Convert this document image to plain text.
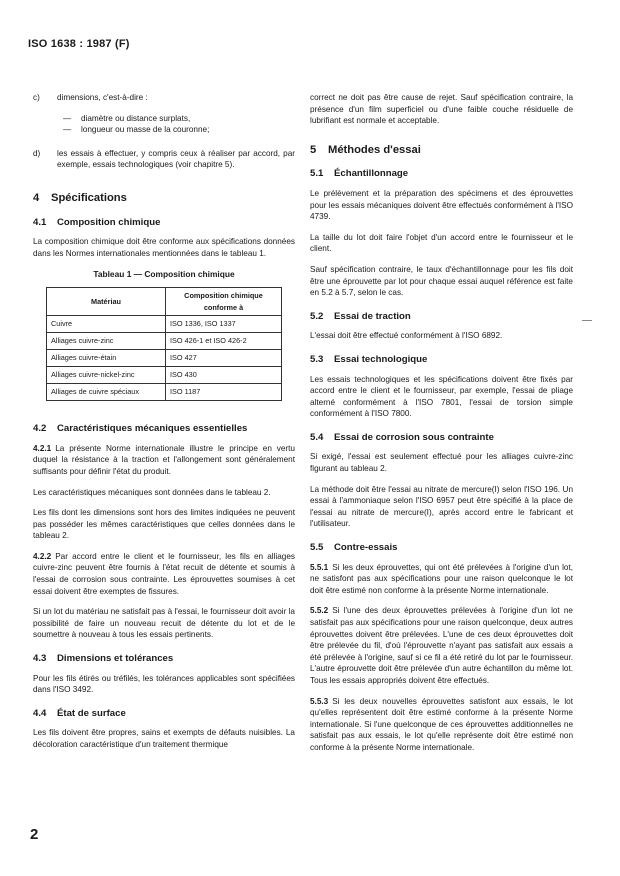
ISO 1638 : 1987 (F)
c)	dimensions, c'est-à-dire :
—	diamètre ou distance surplats,
—	longueur ou masse de la couronne;
d)	les essais à effectuer, y compris ceux à réaliser par accord, par exemple, essais technologiques (voir chapitre 5).
4	Spécifications
4.1	Composition chimique

La composition chimique doit être conforme aux spécifications données dans les Normes internationales mentionnées dans le tableau 1.

Tableau 1 — Composition chimique
Matériau	Composition chimique conforme à
Cuivre	ISO 1336, ISO 1337
Alliages cuivre-zinc	ISO 426-1 et ISO 426-2
Alliages cuivre-étain	ISO 427
Alliages cuivre-nickel-zinc	ISO 430
Alliages de cuivre spéciaux	ISO 1187
4.2	Caractéristiques mécaniques essentielles

4.2.1 La présente Norme internationale illustre le principe en vertu duquel la résistance à la traction et l'allongement sont généralement suffisants pour définir l'état du produit.

Les caractéristiques mécaniques sont données dans le tableau 2.

Les fils dont les dimensions sont hors des limites indiquées ne peuvent pas posséder les mêmes caractéristiques que celles données dans le tableau 2.

4.2.2 Par accord entre le client et le fournisseur, les fils en alliages cuivre-zinc peuvent être fournis à l'état recuit de détente et soumis à l'essai de corrosion sous contrainte. Les éprouvettes soumises à cet essai doivent être exemptes de fissures.

Si un lot du matériau ne satisfait pas à l'essai, le fournisseur doit avoir la possibilité de faire un nouveau recuit de détente du lot et de le soumettre à nouveau à tous les essais pertinents.

4.3	Dimensions et tolérances

Pour les fils étirés ou tréfilés, les tolérances applicables sont spécifiées dans l'ISO 3492.

4.4	État de surface

Les fils doivent être propres, sains et exempts de défauts nuisibles. La décoloration caractéristique d'un traitement thermique

correct ne doit pas être cause de rejet. Sauf spécification contraire, la présence d'un film superficiel ou d'une faible couche résiduelle de lubrifiant est normale et acceptable.

5	Méthodes d'essai
5.1	Échantillonnage

Le prélèvement et la préparation des spécimens et des éprouvettes pour les essais mécaniques doivent être effectués conformément à l'ISO 4739.

La taille du lot doit faire l'objet d'un accord entre le fournisseur et le client.

Sauf spécification contraire, le taux d'échantillonnage pour les fils doit être une éprouvette par lot pour chaque essai auquel référence est faite en 5.2 à 5.7, selon le cas.

5.2	Essai de traction

L'essai doit être effectué conformément à l'ISO 6892.

5.3	Essai technologique

Les essais technologiques et les spécifications doivent être fixés par accord entre le client et le fournisseur, par exemple, l'essai de pliage alterné conformément à l'ISO 7801, l'essai de torsion simple conformément à l'ISO 7800.

5.4	Essai de corrosion sous contrainte

Si exigé, l'essai est seulement effectué pour les alliages cuivre-zinc figurant au tableau 2.

La méthode doit être l'essai au nitrate de mercure(I) selon l'ISO 196. Un essai à l'ammoniaque selon l'ISO 6957 peut être spécifié à la place de l'essai au nitrate de mercure(I), après accord entre le fabricant et l'utilisateur.

5.5	Contre-essais

5.5.1 Si les deux éprouvettes, qui ont été prélevées à l'origine d'un lot, ne satisfont pas aux spécifications pour une raison quelconque le lot doit être estimé non conforme à la présente Norme internationale.

5.5.2 Si l'une des deux éprouvettes prélevées à l'origine d'un lot ne satisfait pas aux spécifications pour une raison quelconque, deux autres éprouvettes doivent être prélevées. L'une de ces deux éprouvettes doit être prélevée du fil, d'où l'éprouvette n'ayant pas satisfait aux essais a été prélevée à l'origine, sauf si ce fil a été retiré du lot par le fournisseur. L'autre éprouvette doit être prélevée d'un autre échantillon du même lot. Tous les essais appropriés doivent être effectués.

5.5.3 Si les deux nouvelles éprouvettes satisfont aux essais, le lot qu'elles représentent doit être estimé conforme à la présente Norme internationale. Si l'une quelconque de ces éprouvettes additionnelles ne satisfait pas aux essais, le lot qu'elle représente doit être estimé non conforme à la présente Norme internationale.

2
